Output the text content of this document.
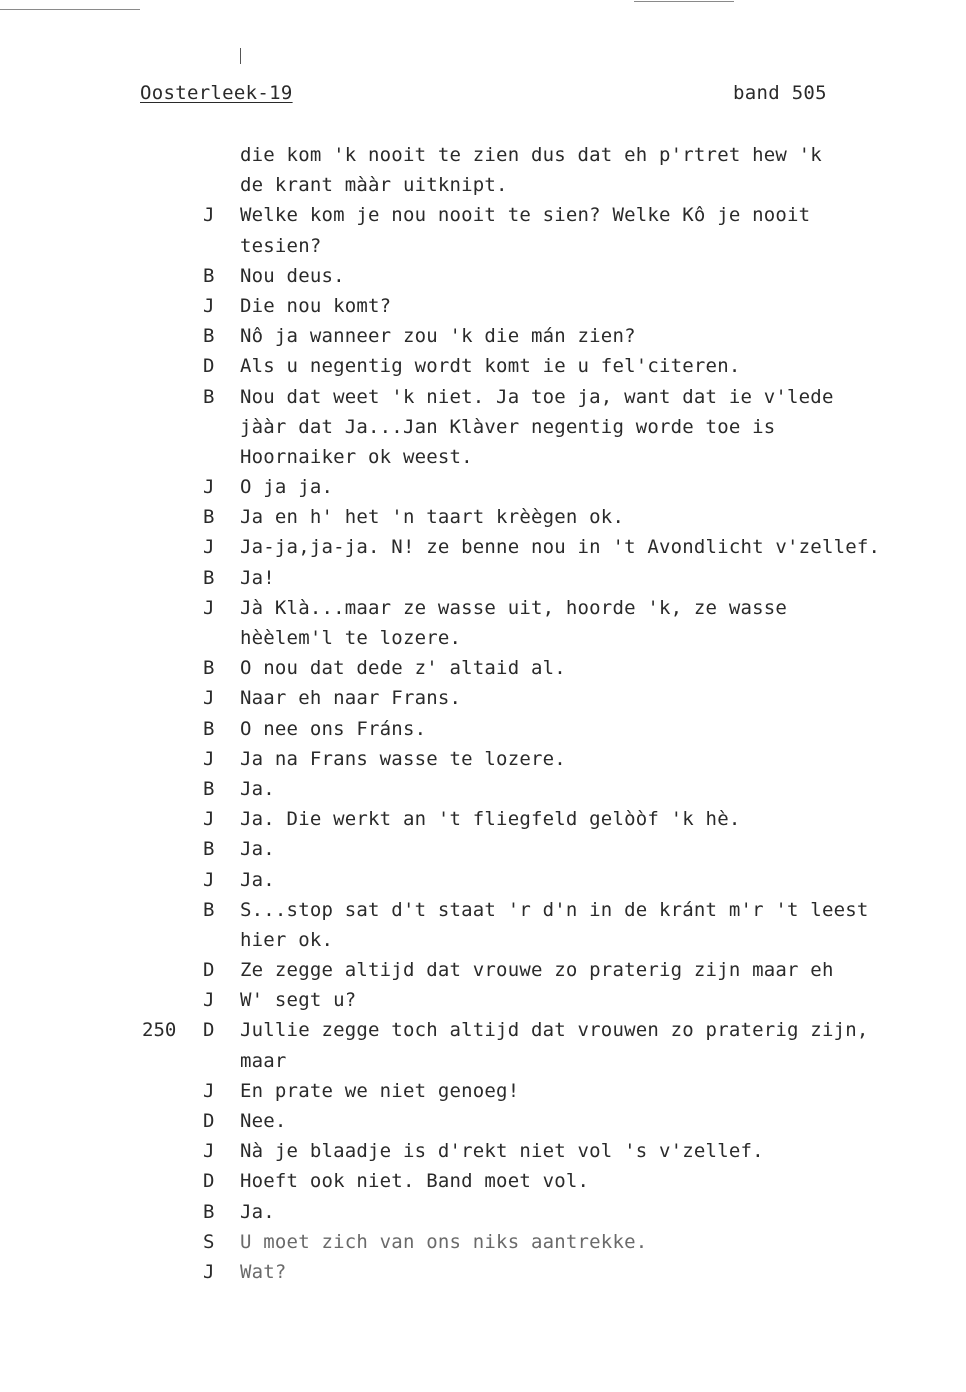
Oosterleek-19	band 505
die kom 'k nooit te zien dus dat eh p'rtret hew 'k
de krant mààr uitknipt.
J Welke kom je nou nooit te sien? Welke Kô je nooit
tesien?
B Nou deus.
J Die nou komt?
B Nô ja wanneer zou 'k die mán zien?
D Als u negentig wordt komt ie u fel'citeren.
B Nou dat weet 'k niet. Ja toe ja, want dat ie v'lede
jààr dat Ja...Jan Klàver negentig worde toe is
Hoornaiker ok weest.
J O ja ja.
B Ja en h' het 'n taart krèègen ok.
J Ja-ja,ja-ja. N! ze benne nou in 't Avondlicht v'zellef.
B Ja!
J Jà Klà...maar ze wasse uit, hoorde 'k, ze wasse
hèèlem'l te lozere.
B O nou dat dede z' altaid al.
J Naar eh naar Frans.
B O nee ons Fráns.
J Ja na Frans wasse te lozere.
B Ja.
J Ja. Die werkt an 't fliegfeld gelòòf 'k hè.
B Ja.
J Ja.
B S...stop sat d't staat 'r d'n in de kránt m'r 't leest
hier ok.
D Ze zegge altijd dat vrouwe zo praterig zijn maar eh
J W' segt u?
250 D Jullie zegge toch altijd dat vrouwen zo praterig zijn,
maar
J En prate we niet genoeg!
D Nee.
J Nà je blaadje is d'rekt niet vol 's v'zellef.
D Hoeft ook niet. Band moet vol.
B Ja.
S U moet zich van ons niks aantrekke.
J Wat?
